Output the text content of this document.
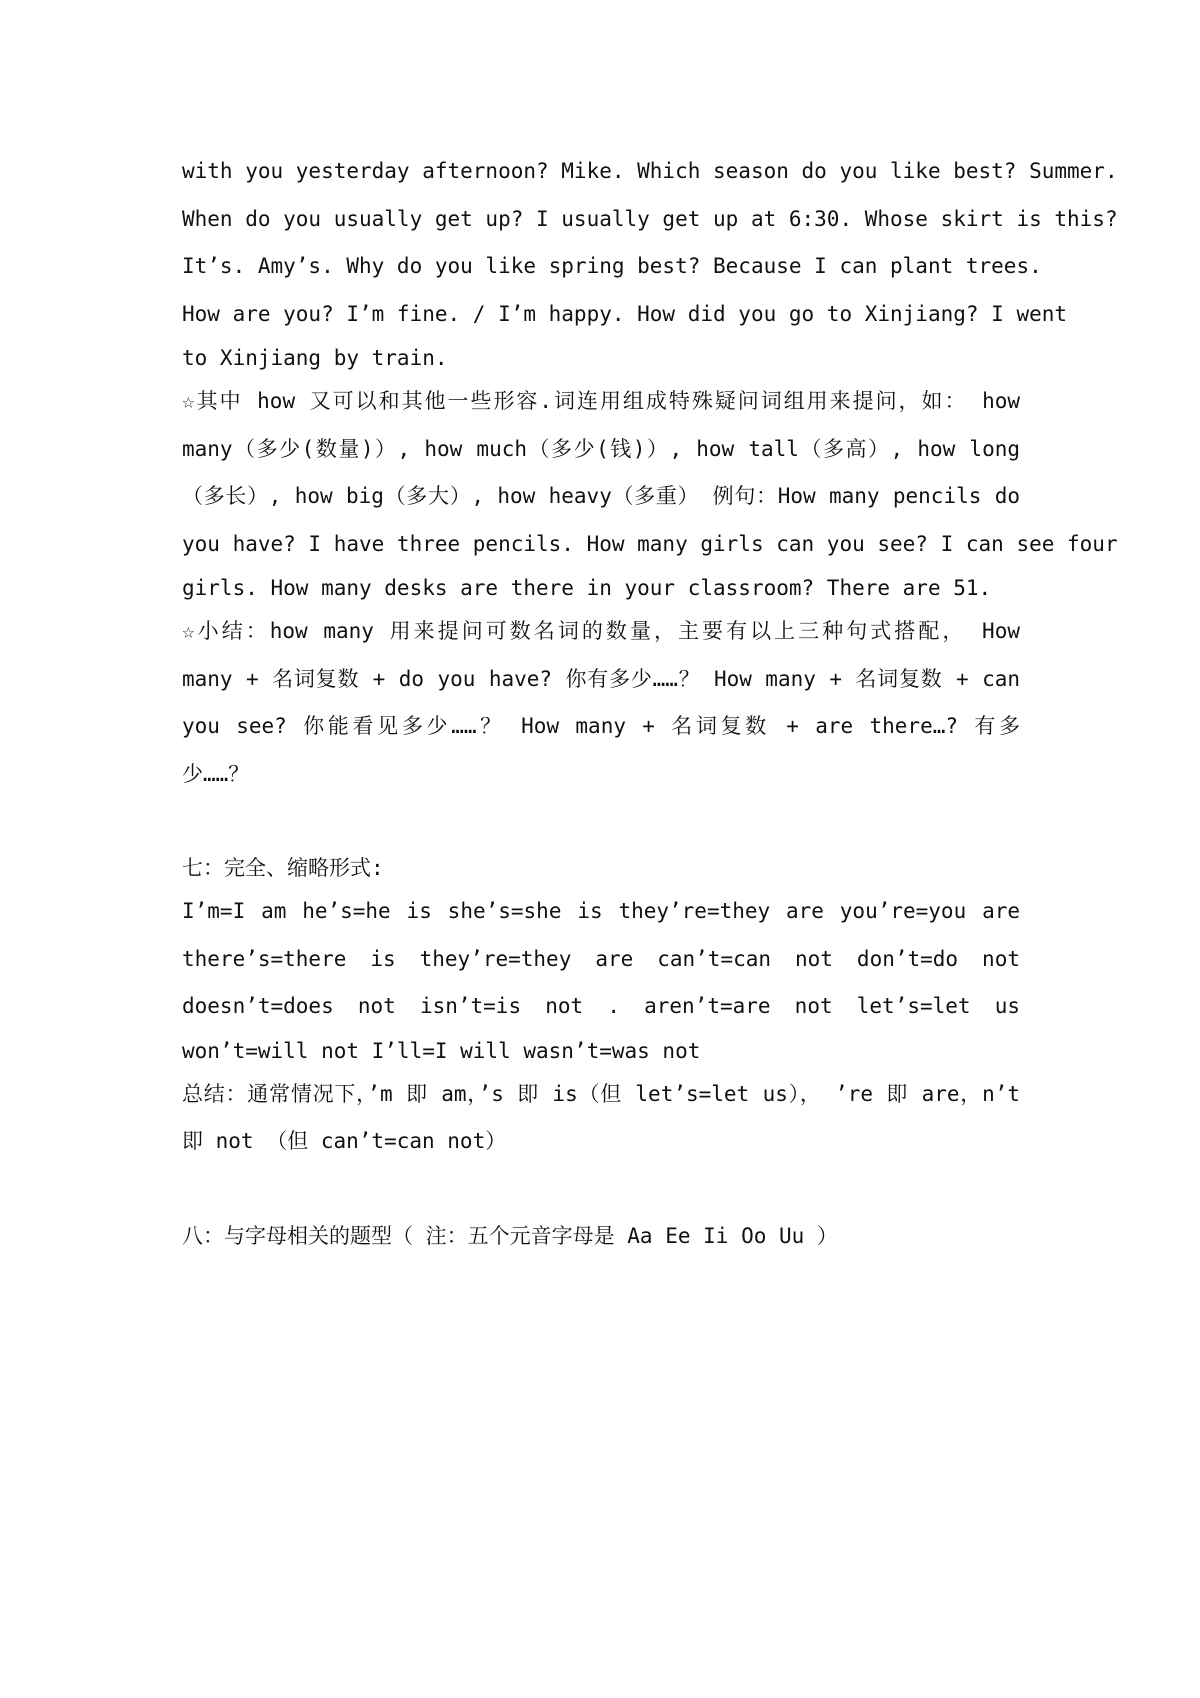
with you yesterday afternoon? Mike. Which season do you like best? Summer.
When do you usually get up? I usually get up at 6:30. Whose skirt is this?
It’s. Amy’s. Why do you like spring best? Because I can plant trees.
How are you? I’m fine. / I’m happy. How did you go to Xinjiang? I went
to Xinjiang by train.
☆其中 how 又可以和其他一些形容.词连用组成特殊疑问词组用来提问，如： how
many（多少(数量)）, how much（多少(钱)）, how tall（多高）, how long
（多长）, how big（多大）, how heavy（多重） 例句：How many pencils do
you have? I have three pencils. How many girls can you see? I can see four
girls. How many desks are there in your classroom? There are 51.
☆小结：how many 用来提问可数名词的数量，主要有以上三种句式搭配， How
many + 名词复数 + do you have? 你有多少……？ How many + 名词复数 + can
you see? 你能看见多少……？ How many + 名词复数 + are there…? 有多
少……？
七：完全、缩略形式:
I’m=I am he’s=he is she’s=she is they’re=they are you’re=you are
there’s=there is they’re=they are can’t=can not don’t=do not
doesn’t=does not isn’t=is not . aren’t=are not let’s=let us
won’t=will not I’ll=I will wasn’t=was not
总结：通常情况下，’m 即 am，’s 即 is（但 let’s=let us）， ’re 即 are，n’t
即 not （但 can’t=can not）
八：与字母相关的题型（ 注：五个元音字母是 Aa Ee Ii Oo Uu ）
